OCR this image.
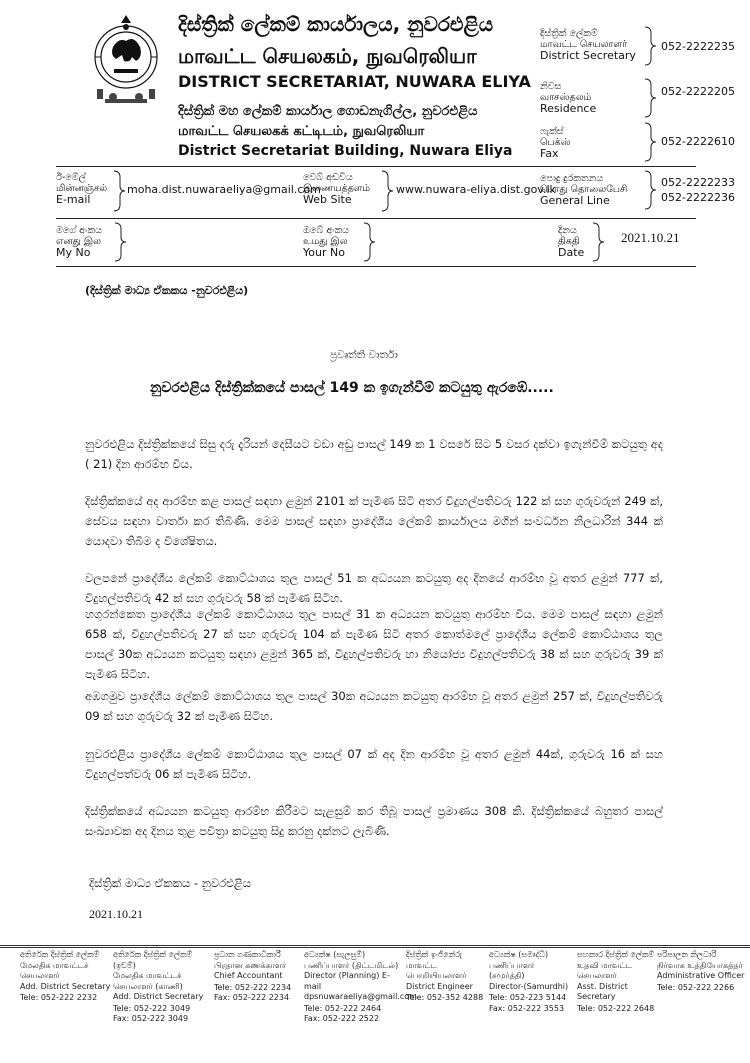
දිස්ත්‍රික් ලේකම් කාර්යාලය, නුවරඑළිය
மாவட்ட செயலகம், நுவரெலியா
DISTRICT SECRETARIAT, NUWARA ELIYA
දිස්ත්‍රික් මහ ලේකම් කාර්යාල ගොඩනැගිල්ල, නුවරඑළිය
மாவட்ட செயலகக் கட்டிடம், நுவரெலியா
District Secretariat Building, Nuwara Eliya
දිස්ත්‍රික් ලේකම්
மாவட்ட செயலாளர்
District Secretary
052-2222235
නිවස
வாசஸ்தலம்
Residence
052-2222205
ෆැක්ස්
பெக்ஸ்
Fax
052-2222610
පොදු දුරකතනය
பொது தொலைபேசி
General Line
052-2222233
052-2222236
ඊ-මේල්
மின்னஞ்சல்
E-mail
moha.dist.nuwaraeliya@gmail.com
වෙබ් අඩවිය
இணையத்தளம்
Web Site
www.nuwara-eliya.dist.gov.lk
මගේ අංකය
எனது இல
My No
ඔබේ අංකය
உமது இல
Your No
දිනය
திகதி
Date
2021.10.21
(දිස්ත්‍රික් මාධ්‍ය ඒකකය -නුවරඑළිය)
ප්‍රවෘත්ති වාර්තා
නුවරඑළිය දිස්ත්‍රික්කයේ පාසල් 149 ක ඉගැන්වීම් කටයුතු ඇරඹේ.....
නුවරඑළිය දිස්ත්‍රික්කයේ සිසු දරු දැරියන් දෙසීයට වඩා අඩු පාසල් 149 ක 1 වසරේ සිට 5 වසර දක්වා ඉගැන්වීම් කටයුතු අද ( 21) දින ආරම්භ විය.
දිස්ත්‍රික්කයේ අද ආරම්භ කළ පාසල් සඳහා ළමුන් 2101 ක් පැමිණ සිටි අතර විදුහල්පතිවරු 122 ක් සහ ගුරුවරුන් 249 ක්, සේවය සඳහා වාර්තා කර තිබිණි. මෙම පාසල් සඳහා ප්‍රාදේශීය ලේකම් කාර්යාලය මගින් සංවර්ධන නිලධාරින් 344 ක් යොදවා තිබීම ද විශේෂිතය.
වලපනේ ප්‍රාදේශීය ලේකම් කොට්ඨාශය තුල පාසල් 51 ක අධ්‍යයන කටයුතු අද දිනයේ ආරම්භ වූ අතර ළමුන් 777 ක්, විදුහල්පතිවරු 42 ක් සහ ගුරුවරු 58 ක් පැමිණ සිටිහ.
හගුරන්කෙත ප්‍රාදේශීය ලේකම් කොට්ඨාශය තුල පාසල් 31 ක අධ්‍යයන කටයුතු ආරම්භ විය. මෙම පාසල් සඳහා ළමුන් 658 ක්, විදුහල්පතිවරු 27 ක් සහ ගුරුවරු 104 ක් පැමිණ සිටි අතර කොත්මලේ ප්‍රාදේශීය ලේකම් කොට්ඨාශය තුල පාසල් 30ක අධ්‍යයන කටයුතු සඳහා ළමුන් 365 ක්, විදුහල්පතිවරු හා නියෝජ්‍ය විදුහල්පතිවරු 38 ක් සහ ගුරුවරු 39 ක් පැමිණ සිටිහ.
අඹගමුව ප්‍රාදේශීය ලේකම් කොට්ඨාශය තුල පාසල් 30ක අධ්‍යයන කටයුතු ආරම්භ වූ අතර ළමුන් 257 ක්, විදුහල්පතිවරු 09 ක් සහ ගුරුවරු 32 ක් පැමිණ සිටිහ.
නුවරඑළිය ප්‍රාදේශීය ලේකම් කොට්ඨාශය තුල පාසල් 07 ක් අද දින ආරම්භ වූ අතර ළමුන් 44ක්, ගුරුවරු 16 ක් සහ විදුහල්පත්වරු 06 ක් පැමිණ සිටිහ.
දිස්ත්‍රික්කයේ අධ්‍යයන කටයුතු ආරම්භ කිරීමට සැළසුම් කර තිබූ පාසල් ප්‍රමාණය 308 කි. දිස්ත්‍රික්කයේ බහුතර පාසල් සංඛ්‍යාවක අද දිනය තුළ පවිත්‍රා කටයුතු සිදු කරනු දක්නට ලැබිණි.
දිස්ත්‍රික් මාධ්‍ය ඒකකය - නුවරඑළිය
2021.10.21
අතිරේක දිස්ත්‍රික් ලේකම්
மேலதிக மாவட்டச் செயலாளர்
Add. District Secretary
Tele: 052-222 2232
අතිරේක දිස්ත්‍රික් ලේකම් (ඉඩම්)
மேலதிக மாவட்டச் செயலாளர் (காணி)
Add. District Secretary
Tele: 052-222 3049
Fax: 052-222 3049
ප්‍රධාන ගණකාධිකාරී
பிரதான கணக்காளர்
Chief Accountant
Tele: 052-222 2234
Fax: 052-222 2234
අධ්‍යක්ෂ (සැලසුම්)
பணிப்பாளர் (திட்டமிடல்)
Director (Planning) E-mail dpsnuwaraeliya@gmail.com
Tele: 052-222 2464
Fax: 052-222 2522
දිස්ත්‍රික් ඉංජිනේරු
மாவட்ட பொறியியலாளர்
District Engineer
Tele: 052-352 4288
අධ්‍යක්ෂ (සමෘද්ධි)
பணிப்பாளர் (சமுர்த்தி)
Director-(Samurdhi)
Tele: 052-223 5144
Fax: 052-222 3553
සහකාර දිස්ත්‍රික් ලේකම්
உதவி மாவட்ட செயலாளர்
Asst. District Secretary
Tele: 052-222 2648
පරිපාලන නිලධාරි
நிர்வாக உத்தியோகத்தர்
Administrative Officer
Tele: 052-222 2266
